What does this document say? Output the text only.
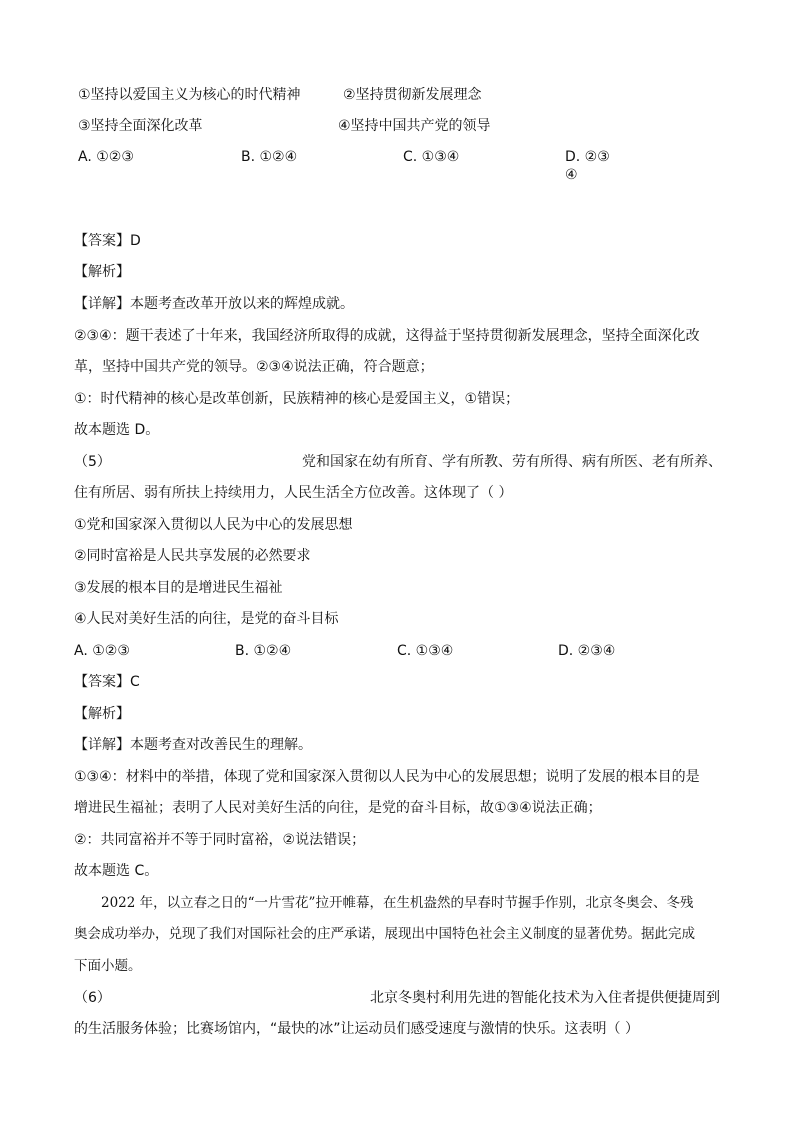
①坚持以爱国主义为核心的时代精神	②坚持贯彻新发展理念
③坚持全面深化改革	④坚持中国共产党的领导
A. ①②③	B. ①②④	C. ①③④	D. ②③
④
【答案】D
【解析】
【详解】本题考查改革开放以来的辉煌成就。
②③④：题干表述了十年来，我国经济所取得的成就，这得益于坚持贯彻新发展理念，坚持全面深化改
革，坚持中国共产党的领导。②③④说法正确，符合题意；
①：时代精神的核心是改革创新，民族精神的核心是爱国主义，①错误；
故本题选 D。
（5）	党和国家在幼有所育、学有所教、劳有所得、病有所医、老有所养、
住有所居、弱有所扶上持续用力，人民生活全方位改善。这体现了（ ）
①党和国家深入贯彻以人民为中心的发展思想
②同时富裕是人民共享发展的必然要求
③发展的根本目的是增进民生福祉
④人民对美好生活的向往，是党的奋斗目标
A. ①②③	B. ①②④	C. ①③④	D. ②③④
【答案】C
【解析】
【详解】本题考查对改善民生的理解。
①③④：材料中的举措，体现了党和国家深入贯彻以人民为中心的发展思想；说明了发展的根本目的是
增进民生福祉；表明了人民对美好生活的向往，是党的奋斗目标，故①③④说法正确；
②：共同富裕并不等于同时富裕，②说法错误；
故本题选 C。
2022 年，以立春之日的“一片雪花”拉开帷幕，在生机盎然的早春时节握手作别，北京冬奥会、冬残
奥会成功举办，兑现了我们对国际社会的庄严承诺，展现出中国特色社会主义制度的显著优势。据此完成
下面小题。
（6）	北京冬奥村利用先进的智能化技术为入住者提供便捷周到
的生活服务体验；比赛场馆内，“最快的冰”让运动员们感受速度与激情的快乐。这表明（ ）
